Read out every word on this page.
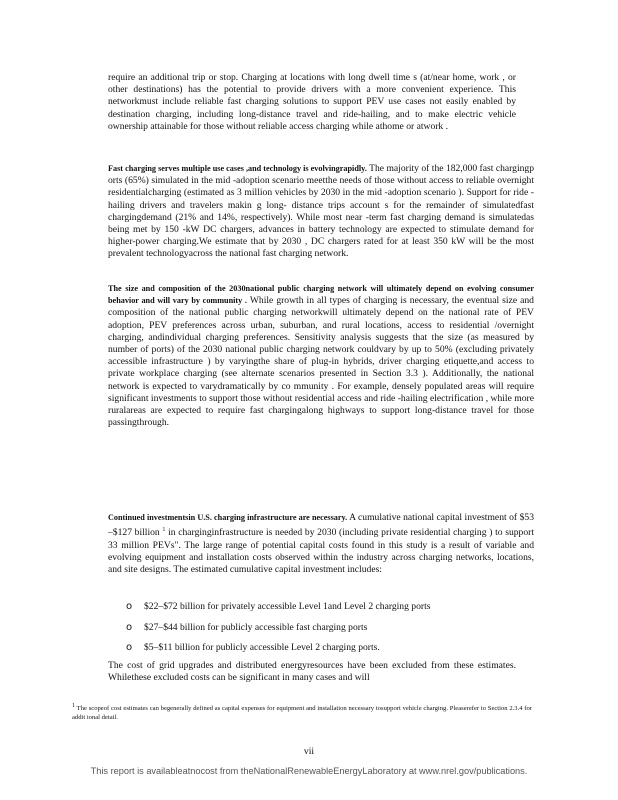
require an additional trip or stop. Charging at locations with long dwell time s (at/near home, work , or other destinations) has the potential to provide drivers with a more convenient experience. This networkmust include reliable fast charging solutions to support PEV use cases not easily enabled by destination charging, including long-distance travel and ride-hailing, and to make electric vehicle ownership attainable for those without reliable access charging while athome or atwork .
Fast charging serves multiple use cases ,and technology is evolvingrapidly. The majority of the 182,000 fast chargingp orts (65%) simulated in the mid -adoption scenario meetthe needs of those without access to reliable overnight residentialcharging (estimated as 3 million vehicles by 2030 in the mid -adoption scenario ). Support for ride -hailing drivers and travelers makin g long- distance trips account s for the remainder of simulatedfast chargingdemand (21% and 14%, respectively). While most near -term fast charging demand is simulatedas being met by 150 -kW DC chargers, advances in battery technology are expected to stimulate demand for higher-power charging.We estimate that by 2030 , DC chargers rated for at least 350 kW will be the most prevalent technologyacross the national fast charging network.
The size and composition of the 2030national public charging network will ultimately depend on evolving consumer behavior and will vary by community . While growth in all types of charging is necessary, the eventual size and composition of the national public charging networkwill ultimately depend on the national rate of PEV adoption, PEV preferences across urban, suburban, and rural locations, access to residential /overnight charging, andindividual charging preferences. Sensitivity analysis suggests that the size (as measured by number of ports) of the 2030 national public charging network couldvary by up to 50% (excluding privately accessible infrastructure ) by varyingthe share of plug-in hybrids, driver charging etiquette,and access to private workplace charging (see alternate scenarios presented in Section 3.3 ). Additionally, the national network is expected to varydramatically by co mmunity . For example, densely populated areas will require significant investments to support those without residential access and ride -hailing electrification , while more ruralareas are expected to require fast chargingalong highways to support long-distance travel for those passingthrough.
Continued investmentsin U.S. charging infrastructure are necessary. A cumulative national capital investment of $53 –$127 billion $^1$ in charginginfrastructure is needed by 2030 (including private residential charging ) to support 33 million PEVs". The large range of potential capital costs found in this study is a result of variable and evolving equipment and installation costs observed within the industry across charging networks, locations, and site designs. The estimated cumulative capital investment includes:
o $22–$72 billion for privately accessible Level 1and Level 2 charging ports
o $27–$44 billion for publicly accessible fast charging ports
o $5–$11 billion for publicly accessible Level 2 charging ports.
The cost of grid upgrades and distributed energyresources have been excluded from these estimates. Whilethese excluded costs can be significant in many cases and will
1 The scopeof cost estimates can begenerally defined as capital expenses for equipment and installation necessary tosupport vehicle charging. Pleaserefer to Section 2.3.4 for addit ional detail.
vii
This report is availableatnocost from theNationalRenewableEnergyLaboratory at www.nrel.gov/publications.
